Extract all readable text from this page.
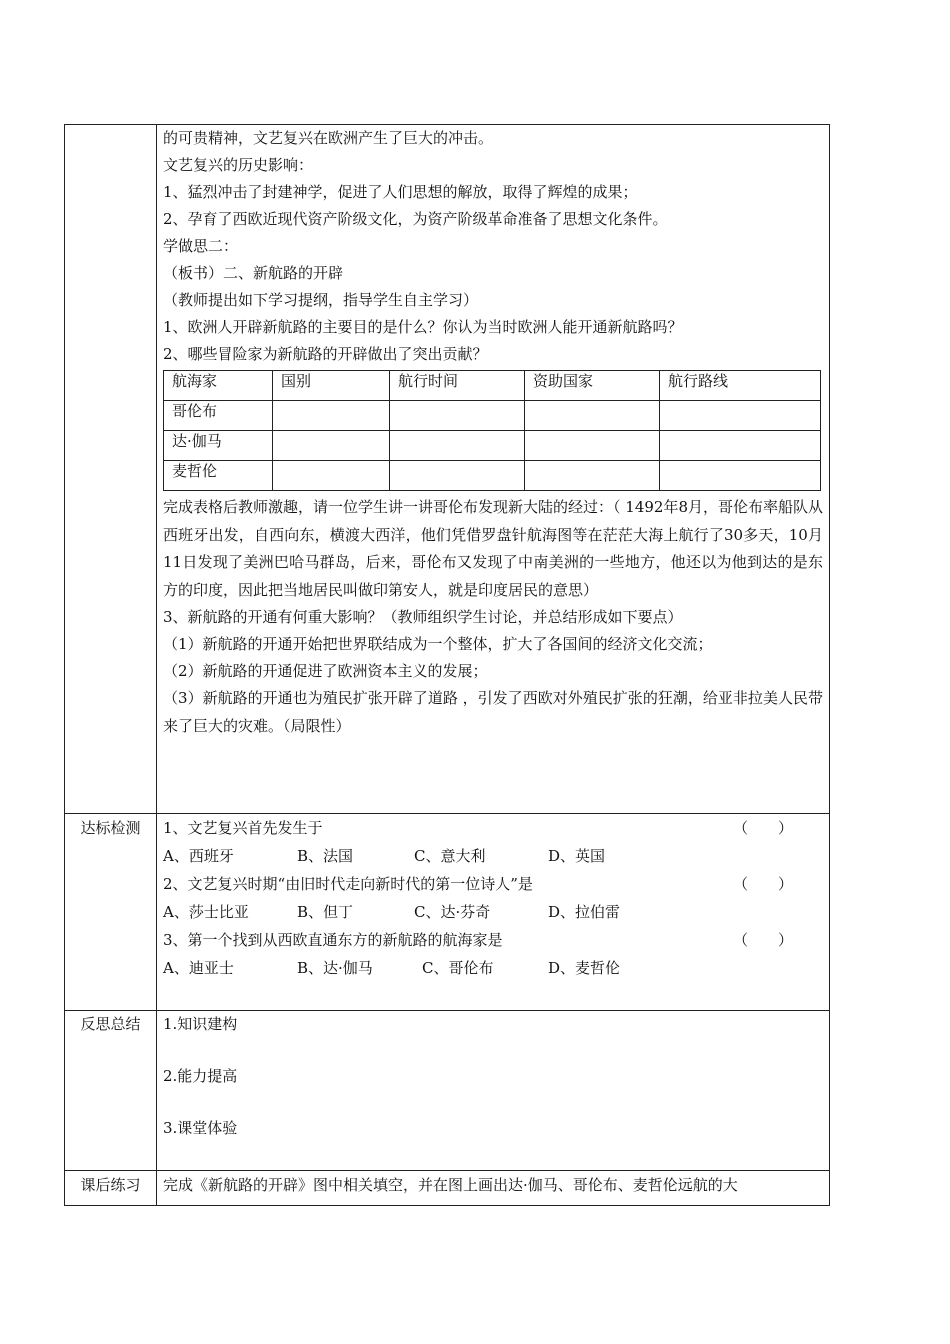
的可贵精神，文艺复兴在欧洲产生了巨大的冲击。
文艺复兴的历史影响：
1、猛烈冲击了封建神学，促进了人们思想的解放，取得了辉煌的成果；
2、孕育了西欧近现代资产阶级文化，为资产阶级革命准备了思想文化条件。
学做思二：
（板书）二、新航路的开辟
（教师提出如下学习提纲，指导学生自主学习）
1、欧洲人开辟新航路的主要目的是什么？你认为当时欧洲人能开通新航路吗？
2、哪些冒险家为新航路的开辟做出了突出贡献？
航海家	国别	航行时间	资助国家	航行路线
哥伦布				
达·伽马				
麦哲伦				
完成表格后教师激趣，请一位学生讲一讲哥伦布发现新大陆的经过：（ 1492年8月，哥伦布率船队从西班牙出发，自西向东，横渡大西洋，他们凭借罗盘针航海图等在茫茫大海上航行了30多天，10月11日发现了美洲巴哈马群岛，后来，哥伦布又发现了中南美洲的一些地方，他还以为他到达的是东方的印度，因此把当地居民叫做印第安人，就是印度居民的意思）
3、新航路的开通有何重大影响？（教师组织学生讨论，并总结形成如下要点）
（1）新航路的开通开始把世界联结成为一个整体，扩大了各国间的经济文化交流；
（2）新航路的开通促进了欧洲资本主义的发展；
（3）新航路的开通也为殖民扩张开辟了道路 ，引发了西欧对外殖民扩张的狂潮，给亚非拉美人民带来了巨大的灾难。（局限性）
达标检测	1、文艺复兴首先发生于	（　　）
A、西班牙	B、法国	C、意大利	D、英国
2、文艺复兴时期“由旧时代走向新时代的第一位诗人”是	（　　）
A、莎士比亚	B、但丁	C、达·芬奇	D、拉伯雷
3、第一个找到从西欧直通东方的新航路的航海家是	（　　）
A、迪亚士	B、达·伽马	C、哥伦布	D、麦哲伦
反思总结	1.知识建构
2.能力提高
3.课堂体验
课后练习	完成《新航路的开辟》图中相关填空，并在图上画出达·伽马、哥伦布、麦哲伦远航的大
